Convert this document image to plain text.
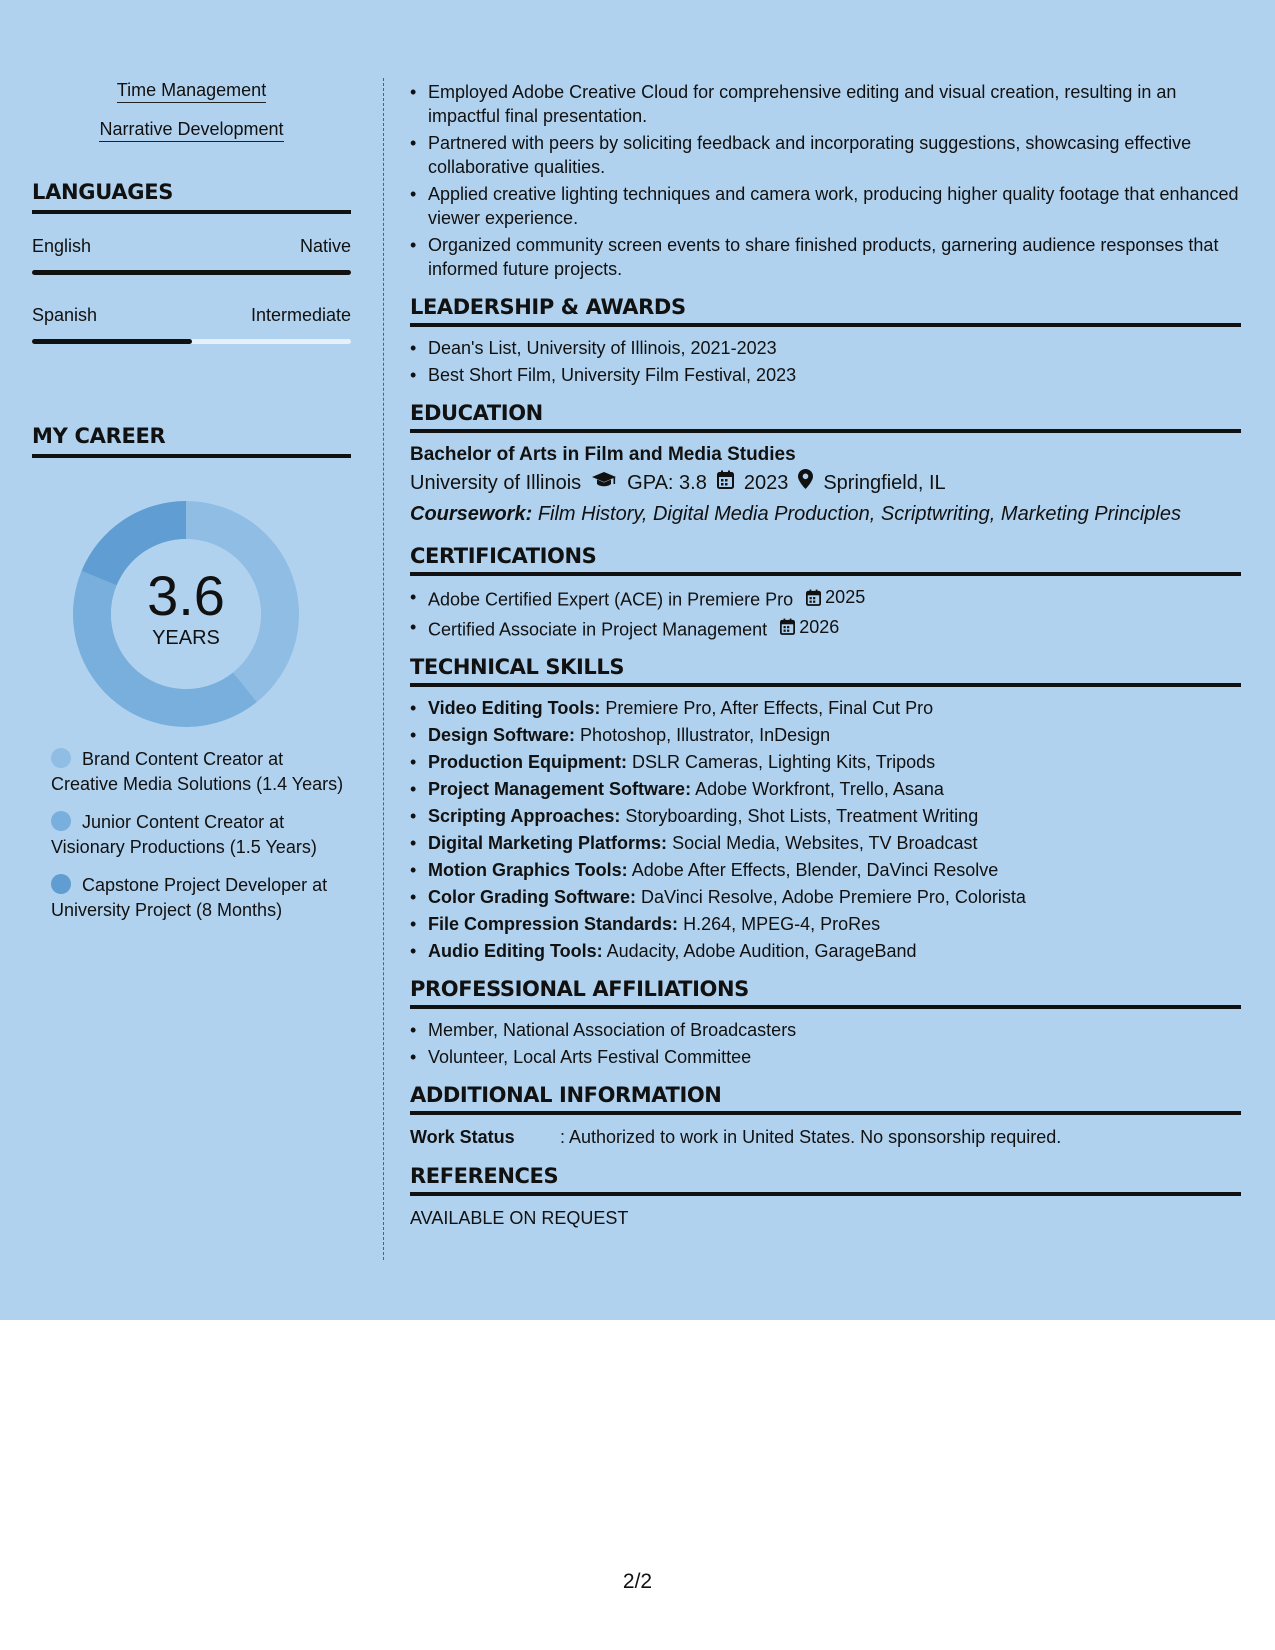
Time Management
Narrative Development
LANGUAGES
English	Native
Spanish	Intermediate
MY CAREER
3.6
YEARS
Brand Content Creator at Creative Media Solutions (1.4 Years)
Junior Content Creator at Visionary Productions (1.5 Years)
Capstone Project Developer at University Project (8 Months)
• Employed Adobe Creative Cloud for comprehensive editing and visual creation, resulting in an impactful final presentation.
• Partnered with peers by soliciting feedback and incorporating suggestions, showcasing effective collaborative qualities.
• Applied creative lighting techniques and camera work, producing higher quality footage that enhanced viewer experience.
• Organized community screen events to share finished products, garnering audience responses that informed future projects.
LEADERSHIP & AWARDS
• Dean's List, University of Illinois, 2021-2023
• Best Short Film, University Film Festival, 2023
EDUCATION
Bachelor of Arts in Film and Media Studies
University of Illinois GPA: 3.8 2023 Springfield, IL
Coursework: Film History, Digital Media Production, Scriptwriting, Marketing Principles
CERTIFICATIONS
• Adobe Certified Expert (ACE) in Premiere Pro 2025
• Certified Associate in Project Management 2026
TECHNICAL SKILLS
• Video Editing Tools: Premiere Pro, After Effects, Final Cut Pro
• Design Software: Photoshop, Illustrator, InDesign
• Production Equipment: DSLR Cameras, Lighting Kits, Tripods
• Project Management Software: Adobe Workfront, Trello, Asana
• Scripting Approaches: Storyboarding, Shot Lists, Treatment Writing
• Digital Marketing Platforms: Social Media, Websites, TV Broadcast
• Motion Graphics Tools: Adobe After Effects, Blender, DaVinci Resolve
• Color Grading Software: DaVinci Resolve, Adobe Premiere Pro, Colorista
• File Compression Standards: H.264, MPEG-4, ProRes
• Audio Editing Tools: Audacity, Adobe Audition, GarageBand
PROFESSIONAL AFFILIATIONS
• Member, National Association of Broadcasters
• Volunteer, Local Arts Festival Committee
ADDITIONAL INFORMATION
Work Status	: Authorized to work in United States. No sponsorship required.
REFERENCES
AVAILABLE ON REQUEST
2/2
